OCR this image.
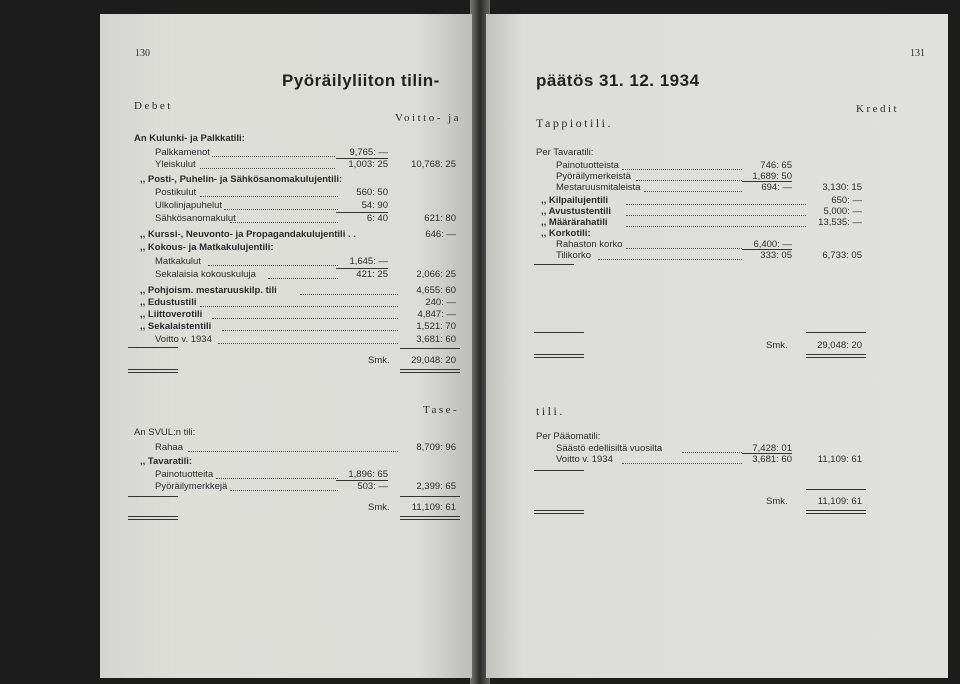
130
Pyöräilyliiton tilin-
Debet
Voitto- ja
An Kulunki- ja Palkkatili:
Palkkamenot	9,765: —
Yleiskulut	1,003: 25	10,768: 25
,, Posti-, Puhelin- ja Sähkösanomakulujentili:
Postikulut	560: 50
Ulkolinjapuhelut	54: 90
Sähkösanomakulut	6: 40	621: 80
,, Kurssi-, Neuvonto- ja Propagandakulujentili . .	646: —
,, Kokous- ja Matkakulujentili:
Matkakulut	1,645: —
Sekalaisia kokouskuluja	421: 25	2,066: 25
,, Pohjoism. mestaruuskilp. tili	4,655: 60
,, Edustustili	240: —
,, Liittoverotili	4,847: —
,, Sekalaistentili	1,521: 70
Voitto v. 1934	3,681: 60
Smk.	29,048: 20
Tase-
An SVUL:n tili:
Rahaa	8,709: 96
,, Tavaratili:
Painotuotteita	1,896: 65
Pyöräilymerkkejä	503: —	2,399: 65
Smk.	11,109: 61
131
päätös 31. 12. 1934
Kredit
Tappiotili.
Per Tavaratili:
Painotuotteista	746: 65
Pyöräilymerkeistä	1,689: 50
Mestaruusmitaleista	694: —	3,130: 15
,, Kilpailujentili	650: —
,, Avustustentili	5,000: —
,, Määrärahatili	13,535: —
,, Korkotili:
Rahaston korko	6,400: —
Tilikorko	333: 05	6,733: 05
Smk.	29,048: 20
tili.
Per Pääomatili:
Säästö edellisiltä vuosilta	7,428: 01
Voitto v. 1934	3,681: 60	11,109: 61
Smk.	11,109: 61
